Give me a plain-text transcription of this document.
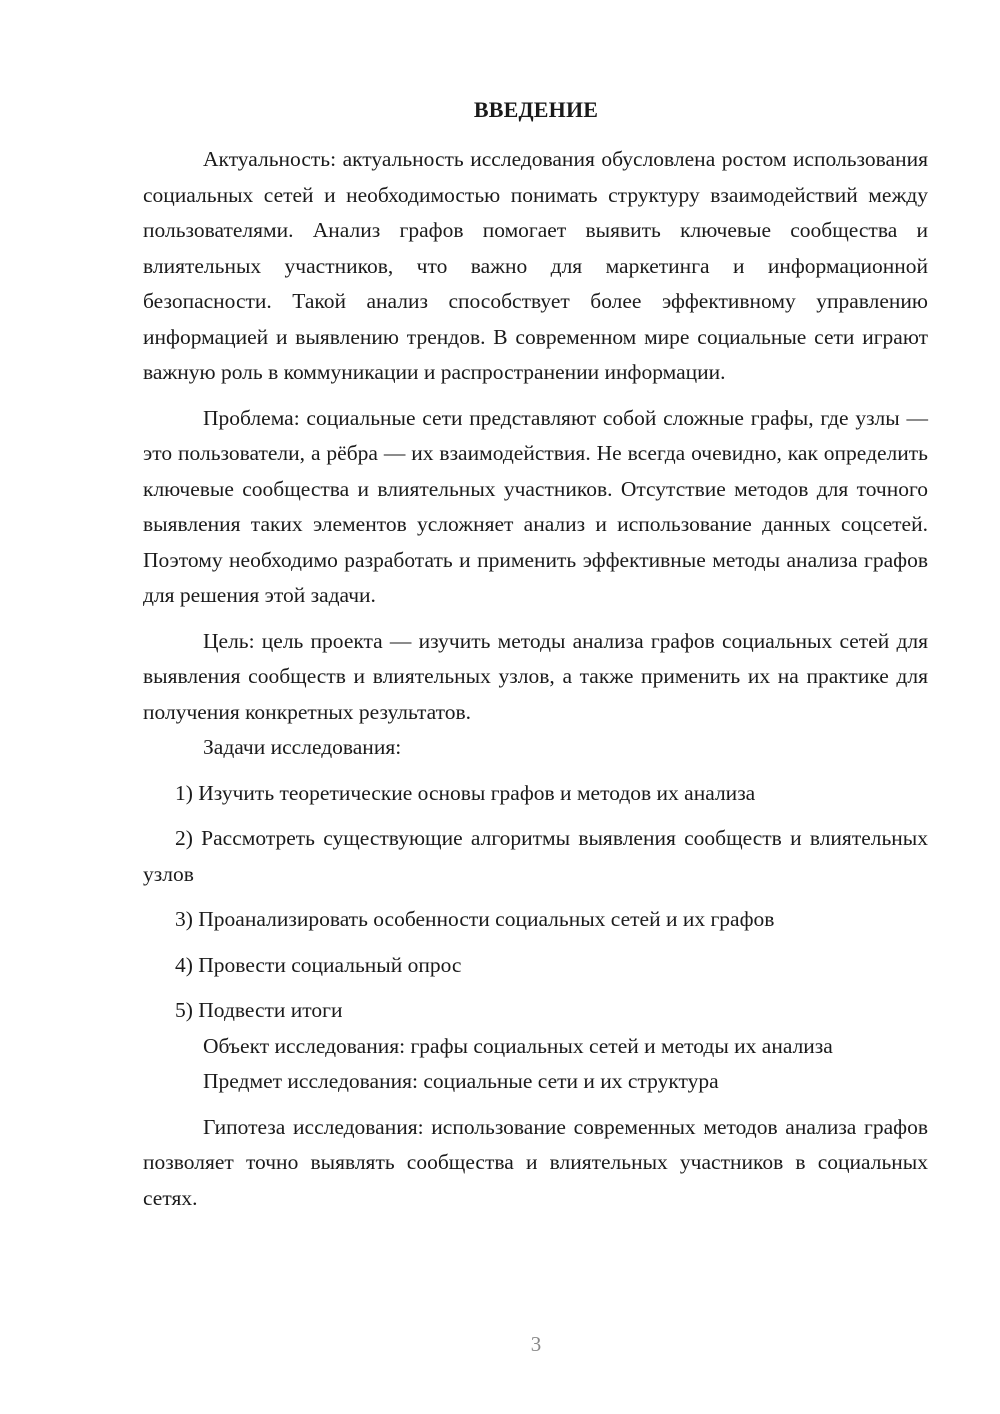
ВВЕДЕНИЕ

Актуальность: актуальность исследования обусловлена ростом использования социальных сетей и необходимостью понимать структуру взаимодействий между пользователями. Анализ графов помогает выявить ключевые сообщества и влиятельных участников, что важно для маркетинга и информационной безопасности. Такой анализ способствует более эффективному управлению информацией и выявлению трендов. В современном мире социальные сети играют важную роль в коммуникации и распространении информации.

Проблема: социальные сети представляют собой сложные графы, где узлы — это пользователи, а рёбра — их взаимодействия. Не всегда очевидно, как определить ключевые сообщества и влиятельных участников. Отсутствие методов для точного выявления таких элементов усложняет анализ и использование данных соцсетей. Поэтому необходимо разработать и применить эффективные методы анализа графов для решения этой задачи.

Цель: цель проекта — изучить методы анализа графов социальных сетей для выявления сообществ и влиятельных узлов, а также применить их на практике для получения конкретных результатов.

Задачи исследования:

1) Изучить теоретические основы графов и методов их анализа

2) Рассмотреть существующие алгоритмы выявления сообществ и влиятельных узлов

3) Проанализировать особенности социальных сетей и их графов

4) Провести социальный опрос

5) Подвести итоги

Объект исследования: графы социальных сетей и методы их анализа

Предмет исследования: социальные сети и их структура

Гипотеза исследования: использование современных методов анализа графов позволяет точно выявлять сообщества и влиятельных участников в социальных сетях.

3
